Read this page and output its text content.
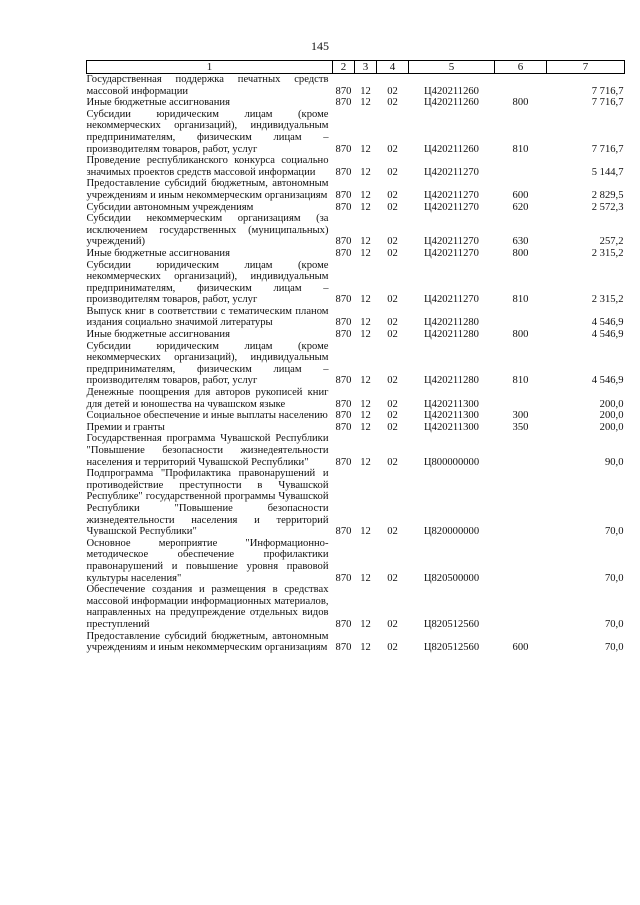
145
1	2	3	4	5	6	7
Государственная поддержка печатных средств массовой информации	870	12	02	Ц420211260		7 716,7
Иные бюджетные ассигнования	870	12	02	Ц420211260	800	7 716,7
Субсидии юридическим лицам (кроме некоммерческих организаций), индивидуальным предпринимателям, физическим лицам – производителям товаров, работ, услуг	870	12	02	Ц420211260	810	7 716,7
Проведение республиканского конкурса социально значимых проектов средств массовой информации	870	12	02	Ц420211270		5 144,7
Предоставление субсидий бюджетным, автономным учреждениям и иным некоммерческим организациям	870	12	02	Ц420211270	600	2 829,5
Субсидии автономным учреждениям	870	12	02	Ц420211270	620	2 572,3
Субсидии некоммерческим организациям (за исключением государственных (муниципальных) учреждений)	870	12	02	Ц420211270	630	257,2
Иные бюджетные ассигнования	870	12	02	Ц420211270	800	2 315,2
Субсидии юридическим лицам (кроме некоммерческих организаций), индивидуальным предпринимателям, физическим лицам – производителям товаров, работ, услуг	870	12	02	Ц420211270	810	2 315,2
Выпуск книг в соответствии с тематическим планом издания социально значимой литературы	870	12	02	Ц420211280		4 546,9
Иные бюджетные ассигнования	870	12	02	Ц420211280	800	4 546,9
Субсидии юридическим лицам (кроме некоммерческих организаций), индивидуальным предпринимателям, физическим лицам – производителям товаров, работ, услуг	870	12	02	Ц420211280	810	4 546,9
Денежные поощрения для авторов рукописей книг для детей и юношества на чувашском языке	870	12	02	Ц420211300		200,0
Социальное обеспечение и иные выплаты населению	870	12	02	Ц420211300	300	200,0
Премии и гранты	870	12	02	Ц420211300	350	200,0
Государственная программа Чувашской Республики "Повышение безопасности жизнедеятельности населения и территорий Чувашской Республики"	870	12	02	Ц800000000		90,0
Подпрограмма "Профилактика правонарушений и противодействие преступности в Чувашской Республике" государственной программы Чувашской Республики "Повышение безопасности жизнедеятельности населения и территорий Чувашской Республики"	870	12	02	Ц820000000		70,0
Основное мероприятие "Информационно-методическое обеспечение профилактики правонарушений и повышение уровня правовой культуры населения"	870	12	02	Ц820500000		70,0
Обеспечение создания и размещения в средствах массовой информации информационных материалов, направленных на предупреждение отдельных видов преступлений	870	12	02	Ц820512560		70,0
Предоставление субсидий бюджетным, автономным учреждениям и иным некоммерческим организациям	870	12	02	Ц820512560	600	70,0
